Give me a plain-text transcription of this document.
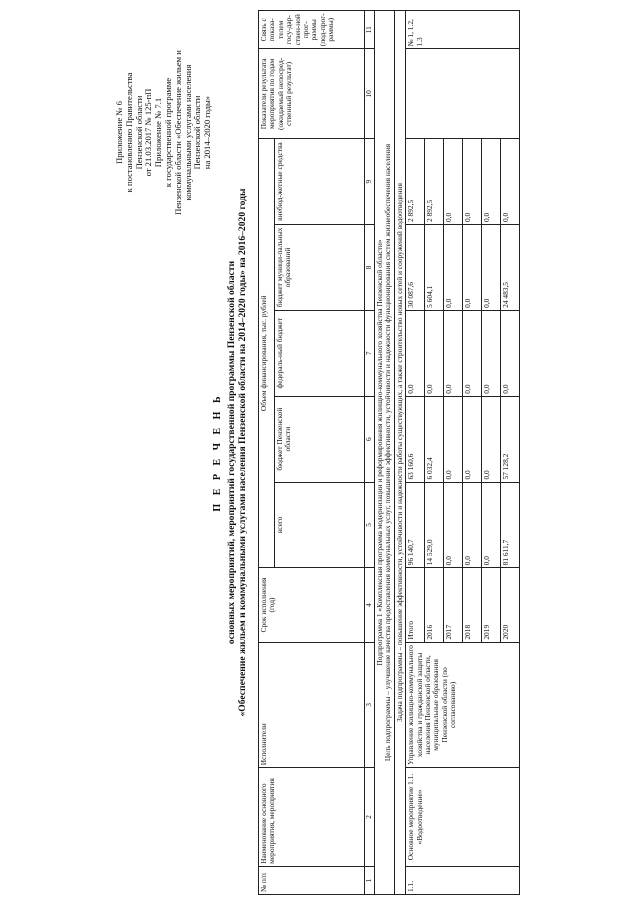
Приложение № 6 к постановлению Правительства Пензенской области от 21.03.2017 № 125-пП Приложение № 7.1 к государственной программе Пензенской области «Обеспечение жильем и коммунальными услугами населения Пензенской области на 2014–2020 годы»
П Е Р Е Ч Е Н Ь основных мероприятий, мероприятий государственной программы Пензенской области «Обеспечение жильем и коммунальными услугами населения Пензенской области на 2014–2020 годы» на 2016–2020 годы
№ п/п	Наименование основного мероприятия, мероприятия	Исполнители	Срок исполнения (год)	Объем финансирования, тыс. рублей					Показатели результата мероприятия по годам (ожидаемый непосред-ственный результат)	Связь с показа-телем госу-дар-ствен-ной прог-раммы (под-прог-раммы)
				всего	бюджет Пензенской области	федераль-ный бюджет	бюджет муници-пальных образований	внебюд-жетные средства		
1	2	3	4	5	6	7	8	9	10	11

Подпрограмма 1 «Комплексная программа модернизации и реформирования жилищно-коммунального хозяйства Пензенской области» Цель подпрограммы – улучшение качества предоставления коммунальных услуг, повышение эффективности, устойчивости и надежности функционирования систем жизнеобеспечения населения										

Задача подпрограммы – повышение эффективности, устойчивости и надежности работы существующих, а также строительство новых сетей и сооружений водоотведения										
1.1.	Основное мероприятие 1.1. «Водоотведение»	Управление жилищно-коммунального хозяйства и гражданской защиты населения Пензенской области, муниципальные образования Пензенской области (по согласованию)	Итого	96 140,7	63 160,6	0,0	30 087,6	2 892,5		№ 1, 1.2, 1.3
			2016	14 529,0	6 032,4	0,0	5 604,1	2 892,5		
			2017	0,0	0,0	0,0	0,0	0,0		
			2018	0,0	0,0	0,0	0,0	0,0		
			2019	0,0	0,0	0,0	0,0	0,0		
			2020	81 611,7	57 128,2	0,0	24 483,5	0,0		
